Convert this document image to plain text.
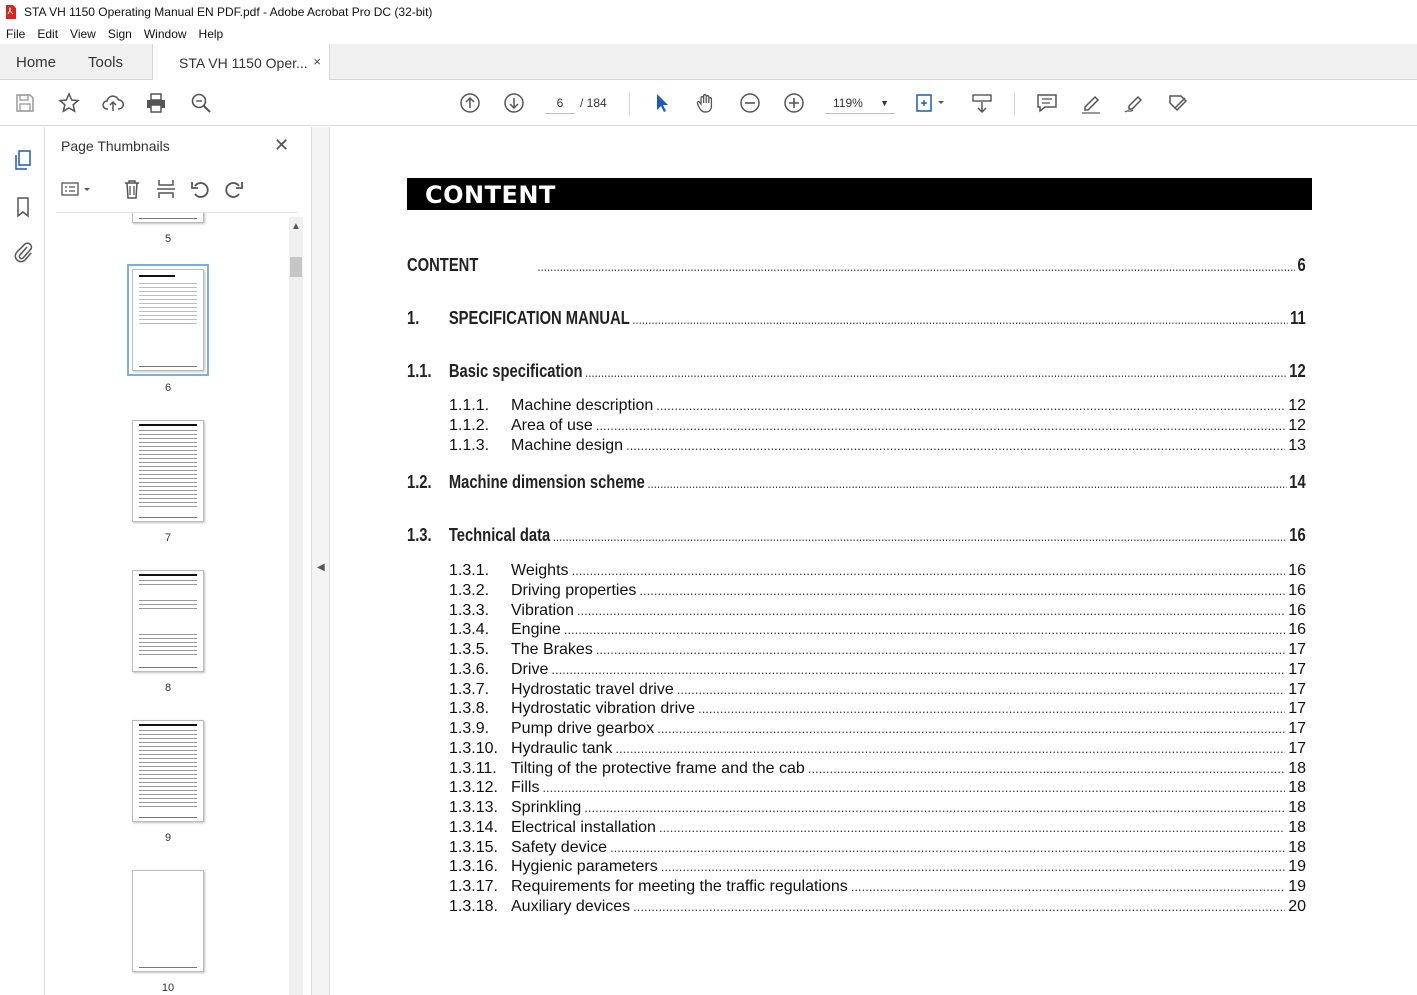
STA VH 1150 Operating Manual EN PDF.pdf - Adobe Acrobat Pro DC (32-bit)
File	Edit	View	Sign	Window	Help
Home Tools	STA VH 1150 Oper... ×
6	/ 184	119% ▼
Page Thumbnails	✕
5
6
7
8
9
10
▲
◀
CONTENT
CONTENT .....	6
1.	SPECIFICATION MANUAL .....	11
1.1. Basic specification .....	12
1.1.1.	Machine description .....	12
1.1.2.	Area of use .....	12
1.1.3.	Machine design .....	13
1.2. Machine dimension scheme .....	14
1.3. Technical data .....	16
1.3.1.	Weights .....	16
1.3.2.	Driving properties .....	16
1.3.3.	Vibration .....	16
1.3.4.	Engine .....	16
1.3.5.	The Brakes .....	17
1.3.6.	Drive .....	17
1.3.7.	Hydrostatic travel drive .....	17
1.3.8.	Hydrostatic vibration drive .....	17
1.3.9.	Pump drive gearbox .....	17
1.3.10. Hydraulic tank .....	17
1.3.11. Tilting of the protective frame and the cab .....	18
1.3.12. Fills .....	18
1.3.13. Sprinkling .....	18
1.3.14. Electrical installation .....	18
1.3.15. Safety device .....	18
1.3.16. Hygienic parameters .....	19
1.3.17. Requirements for meeting the traffic regulations .....	19
1.3.18. Auxiliary devices .....	20
